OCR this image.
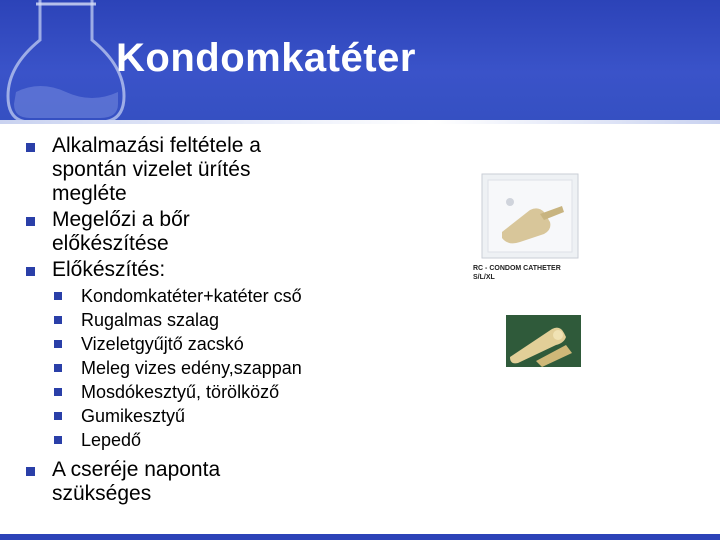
Kondomkatéter
Alkalmazási feltétele a spontán vizelet ürítés megléte
Megelőzi a bőr előkészítése
Előkészítés:
Kondomkatéter+katéter cső
Rugalmas szalag
Vizeletgyűjtő zacskó
Meleg vizes edény,szappan
Mosdókesztyű, törölköző
Gumikesztyű
Lepedő
A cseréje naponta szükséges
RC - CONDOM CATHETER
S/L/XL
